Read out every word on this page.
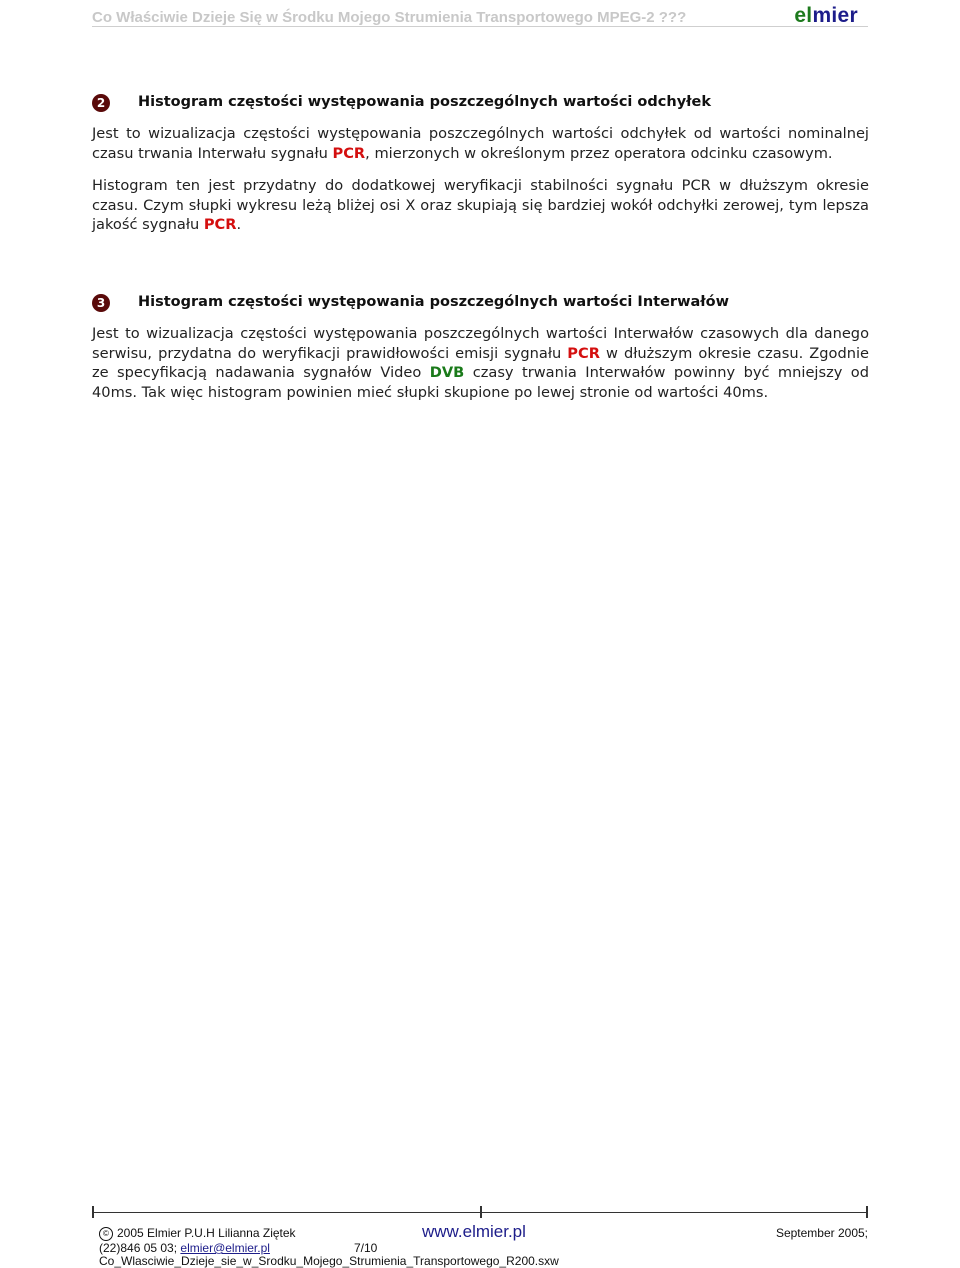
Co Właściwie Dzieje Się w Środku Mojego Strumienia Transportowego MPEG-2 ???	elmier
2	Histogram częstości występowania poszczególnych wartości odchyłek

Jest to wizualizacja częstości występowania poszczególnych wartości odchyłek od wartości nominalnej czasu trwania Interwału sygnału PCR, mierzonych w określonym przez operatora odcinku czasowym.

Histogram ten jest przydatny do dodatkowej weryfikacji stabilności sygnału PCR w dłuższym okresie czasu. Czym słupki wykresu leżą bliżej osi X oraz skupiają się bardziej wokół odchyłki zerowej, tym lepsza jakość sygnału PCR.

3	Histogram częstości występowania poszczególnych wartości Interwałów

Jest to wizualizacja częstości występowania poszczególnych wartości Interwałów czasowych dla danego serwisu, przydatna do weryfikacji prawidłowości emisji sygnału PCR w dłuższym okresie czasu. Zgodnie ze specyfikacją nadawania sygnałów Video DVB czasy trwania Interwałów powinny być mniejszy od 40ms. Tak więc histogram powinien mieć słupki skupione po lewej stronie od wartości 40ms.

© 2005 Elmier P.U.H Lilianna Ziętek	www.elmier.pl	September 2005;
(22)846 05 03; elmier@elmier.pl	7/10
Co_Wlasciwie_Dzieje_sie_w_Srodku_Mojego_Strumienia_Transportowego_R200.sxw
